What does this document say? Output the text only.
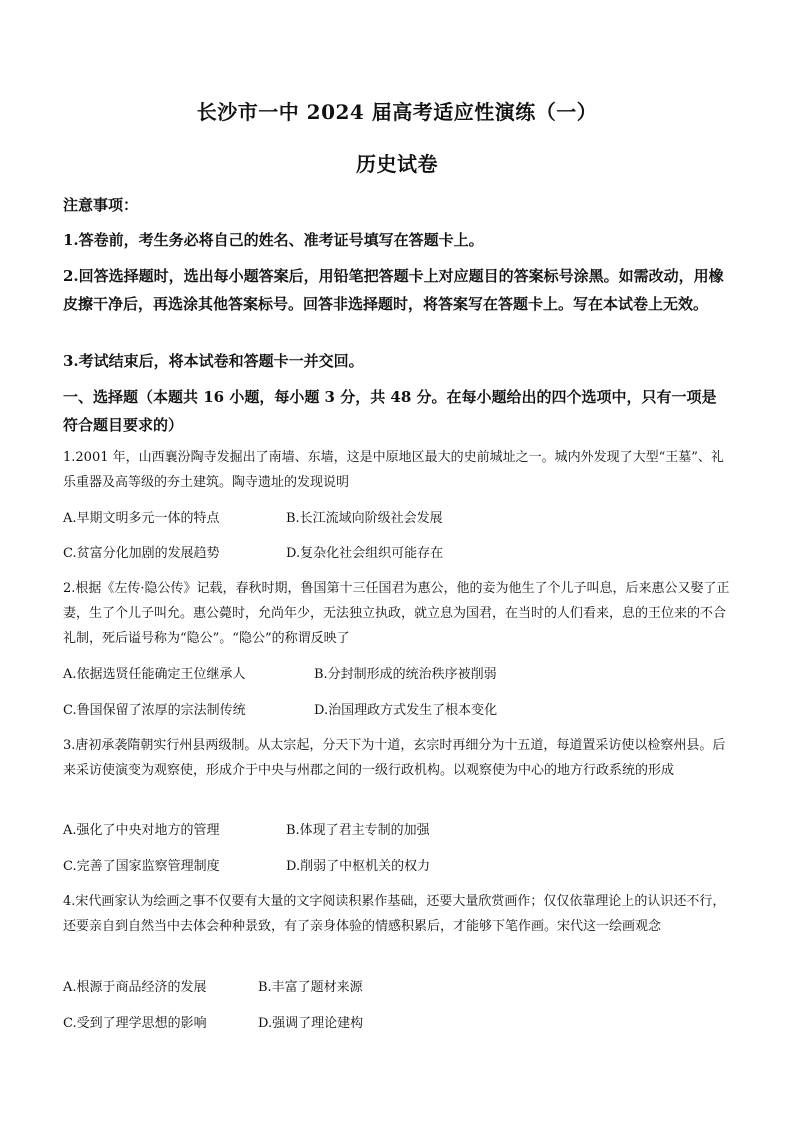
长沙市一中 2024 届高考适应性演练（一）
历史试卷
注意事项：
1.答卷前，考生务必将自己的姓名、准考证号填写在答题卡上。
2.回答选择题时，选出每小题答案后，用铅笔把答题卡上对应题目的答案标号涂黑。如需改动，用橡皮擦干净后，再选涂其他答案标号。回答非选择题时，将答案写在答题卡上。写在本试卷上无效。
3.考试结束后，将本试卷和答题卡一并交回。
一、选择题（本题共 16 小题，每小题 3 分，共 48 分。在每小题给出的四个选项中，只有一项是符合题目要求的）
1.2001 年，山西襄汾陶寺发掘出了南墙、东墙，这是中原地区最大的史前城址之一。城内外发现了大型“王墓”、礼乐重器及高等级的夯土建筑。陶寺遗址的发现说明
A.早期文明多元一体的特点	B.长江流域向阶级社会发展
C.贫富分化加剧的发展趋势	D.复杂化社会组织可能存在
2.根据《左传·隐公传》记载，春秋时期，鲁国第十三任国君为惠公，他的妾为他生了个儿子叫息，后来惠公又娶了正妻，生了个儿子叫允。惠公薨时，允尚年少，无法独立执政，就立息为国君，在当时的人们看来，息的王位来的不合礼制，死后谥号称为“隐公”。“隐公”的称谓反映了
A.依据选贤任能确定王位继承人	B.分封制形成的统治秩序被削弱
C.鲁国保留了浓厚的宗法制传统	D.治国理政方式发生了根本变化
3.唐初承袭隋朝实行州县两级制。从太宗起，分天下为十道，玄宗时再细分为十五道，每道置采访使以检察州县。后来采访使演变为观察使，形成介于中央与州郡之间的一级行政机构。以观察使为中心的地方行政系统的形成
A.强化了中央对地方的管理	B.体现了君主专制的加强
C.完善了国家监察管理制度	D.削弱了中枢机关的权力
4.宋代画家认为绘画之事不仅要有大量的文字阅读积累作基础，还要大量欣赏画作；仅仅依靠理论上的认识还不行，还要亲自到自然当中去体会种种景致，有了亲身体验的情感积累后，才能够下笔作画。宋代这一绘画观念
A.根源于商品经济的发展	B.丰富了题材来源
C.受到了理学思想的影响	D.强调了理论建构
